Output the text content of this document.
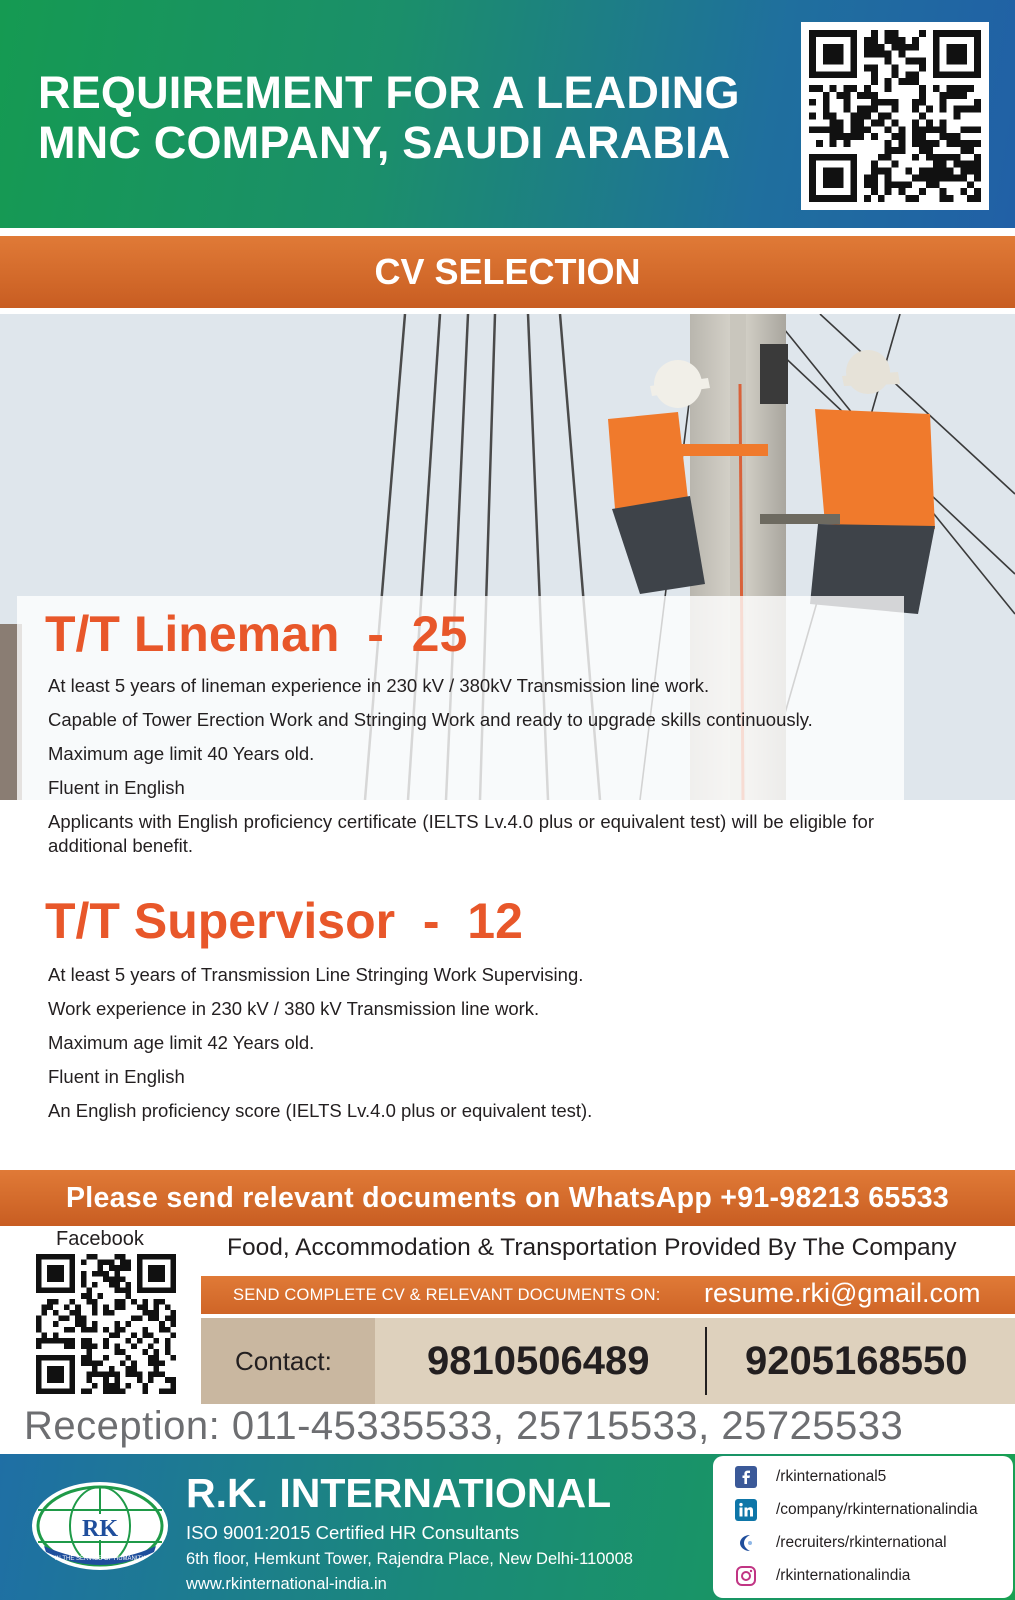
REQUIREMENT FOR A LEADING
MNC COMPANY, SAUDI ARABIA
CV SELECTION
T/T Lineman  -  25
At least 5 years of lineman experience in 230 kV / 380kV Transmission line work.
Capable of Tower Erection Work and Stringing Work and ready to upgrade skills continuously.
Maximum age limit 40 Years old.
Fluent in English
Applicants with English proficiency certificate (IELTS Lv.4.0 plus or equivalent test) will be eligible for additional benefit.
T/T Supervisor  -  12
At least 5 years of Transmission Line Stringing Work Supervising.
Work experience in 230 kV / 380 kV Transmission line work.
Maximum age limit 42 Years old.
Fluent in English
An English proficiency score (IELTS Lv.4.0 plus or equivalent test).
Please send relevant documents on WhatsApp +91-98213 65533
Facebook	Food, Accommodation & Transportation Provided By The Company
SEND COMPLETE CV & RELEVANT DOCUMENTS ON: resume.rki@gmail.com
Contact: 9810506489 9205168550
Reception: 011-45335533, 25715533, 25725533
RK
IN THE SERVICE OF HUMANITY
R.K. INTERNATIONAL
ISO 9001:2015 Certified HR Consultants
6th floor, Hemkunt Tower, Rajendra Place, New Delhi-110008
www.rkinternational-india.in
/rkinternational5
/company/rkinternationalindia
/recruiters/rkinternational
/rkinternationalindia
